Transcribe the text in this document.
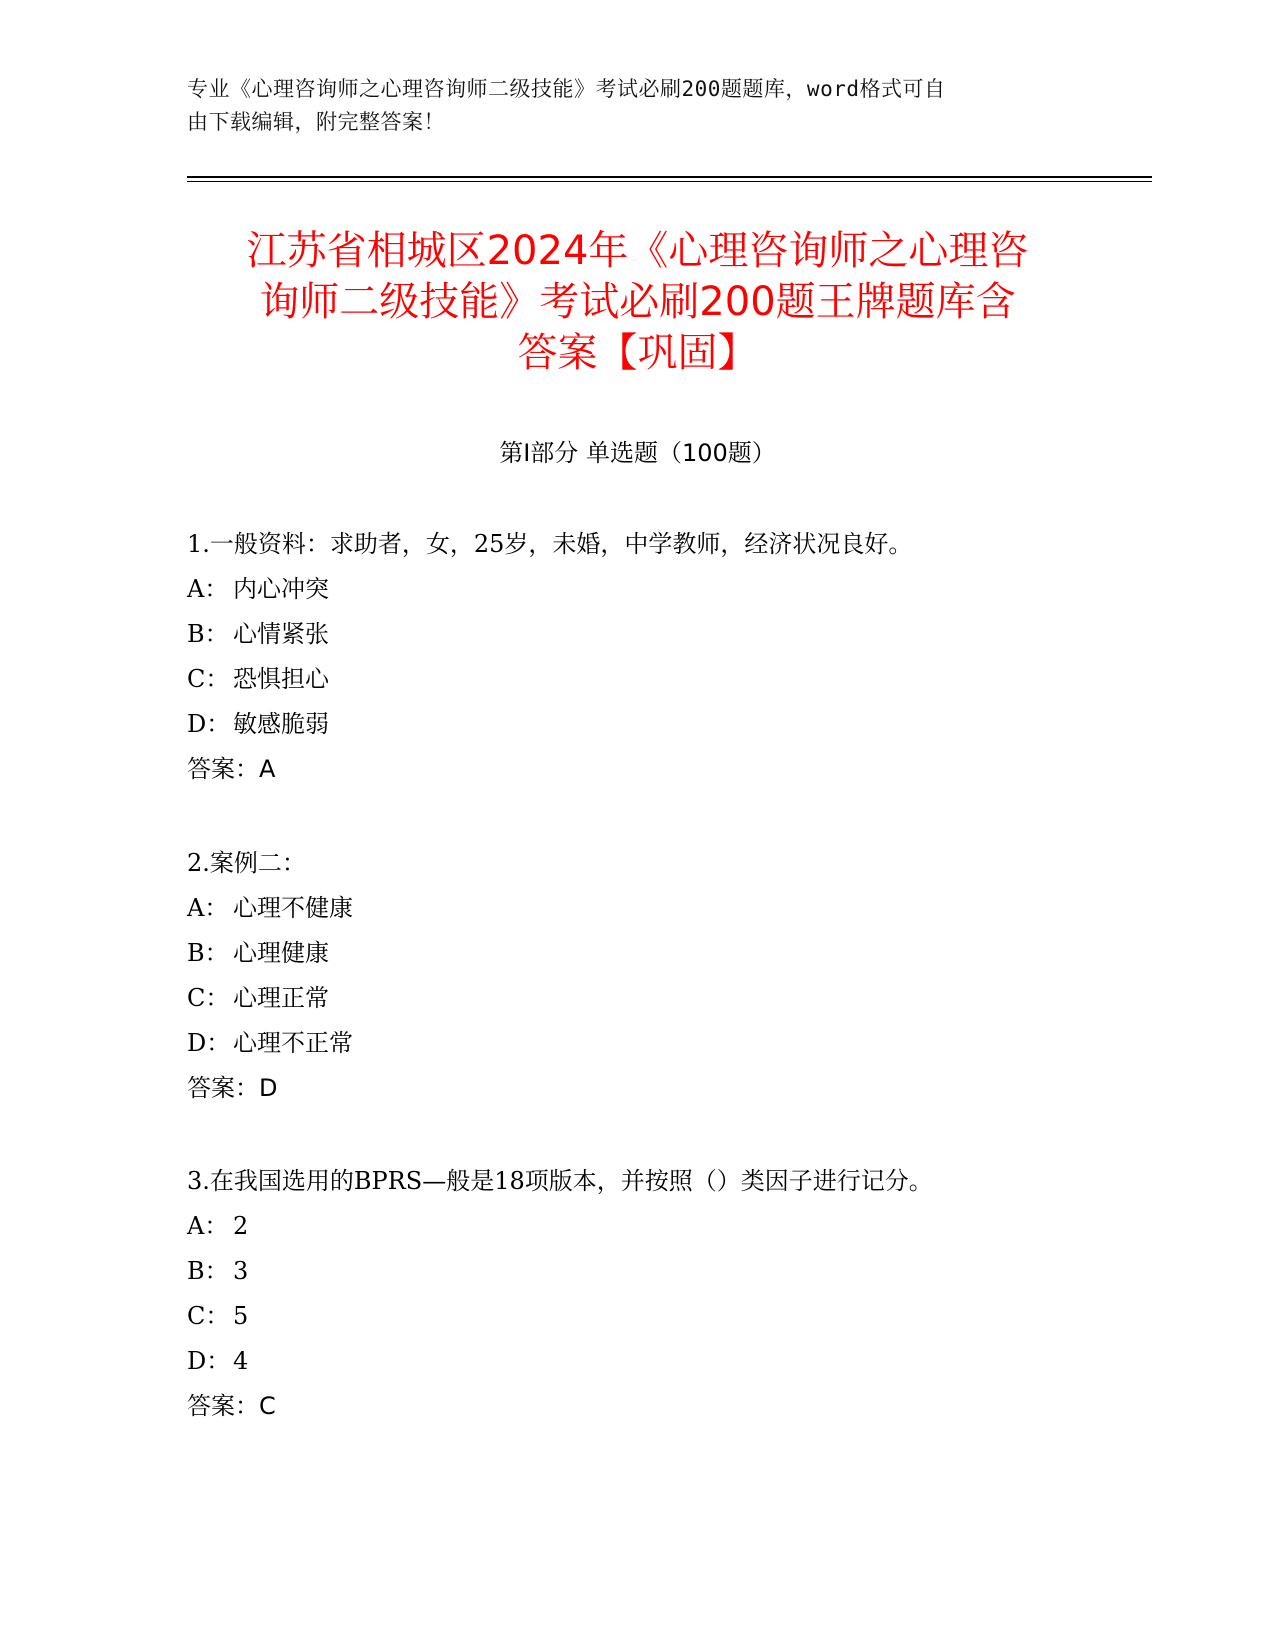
专业《心理咨询师之心理咨询师二级技能》考试必刷200题题库，word格式可自
由下载编辑，附完整答案！
江苏省相城区2024年《心理咨询师之心理咨
询师二级技能》考试必刷200题王牌题库含
答案【巩固】
第Ⅰ部分 单选题（100题）
1.一般资料：求助者，女，25岁，未婚，中学教师，经济状况良好。
A： 内心冲突
B： 心情紧张
C： 恐惧担心
D： 敏感脆弱
答案：A
2.案例二：
A： 心理不健康
B： 心理健康
C： 心理正常
D： 心理不正常
答案：D
3.在我国选用的BPRS—般是18项版本，并按照（）类因子进行记分。
A： 2
B： 3
C： 5
D： 4
答案：C
